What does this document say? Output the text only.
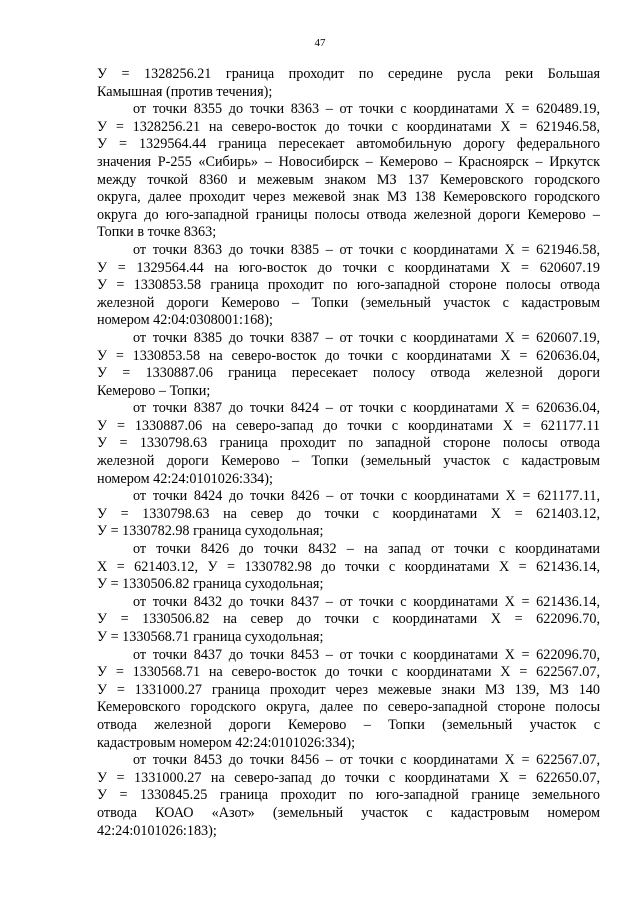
47
У = 1328256.21 граница проходит по середине русла реки Большая
Камышная (против течения);
от точки 8355 до точки 8363 – от точки с координатами Х = 620489.19,
У = 1328256.21 на северо-восток до точки с координатами Х = 621946.58,
У = 1329564.44 граница пересекает автомобильную дорогу федерального
значения Р-255 «Сибирь» – Новосибирск – Кемерово – Красноярск – Иркутск
между точкой 8360 и межевым знаком МЗ 137 Кемеровского городского
округа, далее проходит через межевой знак МЗ 138 Кемеровского городского
округа до юго-западной границы полосы отвода железной дороги Кемерово –
Топки в точке 8363;
от точки 8363 до точки 8385 – от точки с координатами Х = 621946.58,
У = 1329564.44 на юго-восток до точки с координатами Х = 620607.19
У = 1330853.58 граница проходит по юго-западной стороне полосы отвода
железной дороги Кемерово – Топки (земельный участок с кадастровым
номером 42:04:0308001:168);
от точки 8385 до точки 8387 – от точки с координатами Х = 620607.19,
У = 1330853.58 на северо-восток до точки с координатами Х = 620636.04,
У = 1330887.06 граница пересекает полосу отвода железной дороги
Кемерово – Топки;
от точки 8387 до точки 8424 – от точки с координатами Х = 620636.04,
У = 1330887.06 на северо-запад до точки с координатами Х = 621177.11
У = 1330798.63 граница проходит по западной стороне полосы отвода
железной дороги Кемерово – Топки (земельный участок с кадастровым
номером 42:24:0101026:334);
от точки 8424 до точки 8426 – от точки с координатами Х = 621177.11,
У = 1330798.63 на север до точки с координатами Х = 621403.12,
У = 1330782.98 граница суходольная;
от точки 8426 до точки 8432 – на запад от точки с координатами
Х = 621403.12, У = 1330782.98 до точки с координатами Х = 621436.14,
У = 1330506.82 граница суходольная;
от точки 8432 до точки 8437 – от точки с координатами Х = 621436.14,
У = 1330506.82 на север до точки с координатами Х = 622096.70,
У = 1330568.71 граница суходольная;
от точки 8437 до точки 8453 – от точки с координатами Х = 622096.70,
У = 1330568.71 на северо-восток до точки с координатами Х = 622567.07,
У = 1331000.27 граница проходит через межевые знаки МЗ 139, МЗ 140
Кемеровского городского округа, далее по северо-западной стороне полосы
отвода железной дороги Кемерово – Топки (земельный участок с
кадастровым номером 42:24:0101026:334);
от точки 8453 до точки 8456 – от точки с координатами Х = 622567.07,
У = 1331000.27 на северо-запад до точки с координатами Х = 622650.07,
У = 1330845.25 граница проходит по юго-западной границе земельного
отвода КОАО «Азот» (земельный участок с кадастровым номером
42:24:0101026:183);
